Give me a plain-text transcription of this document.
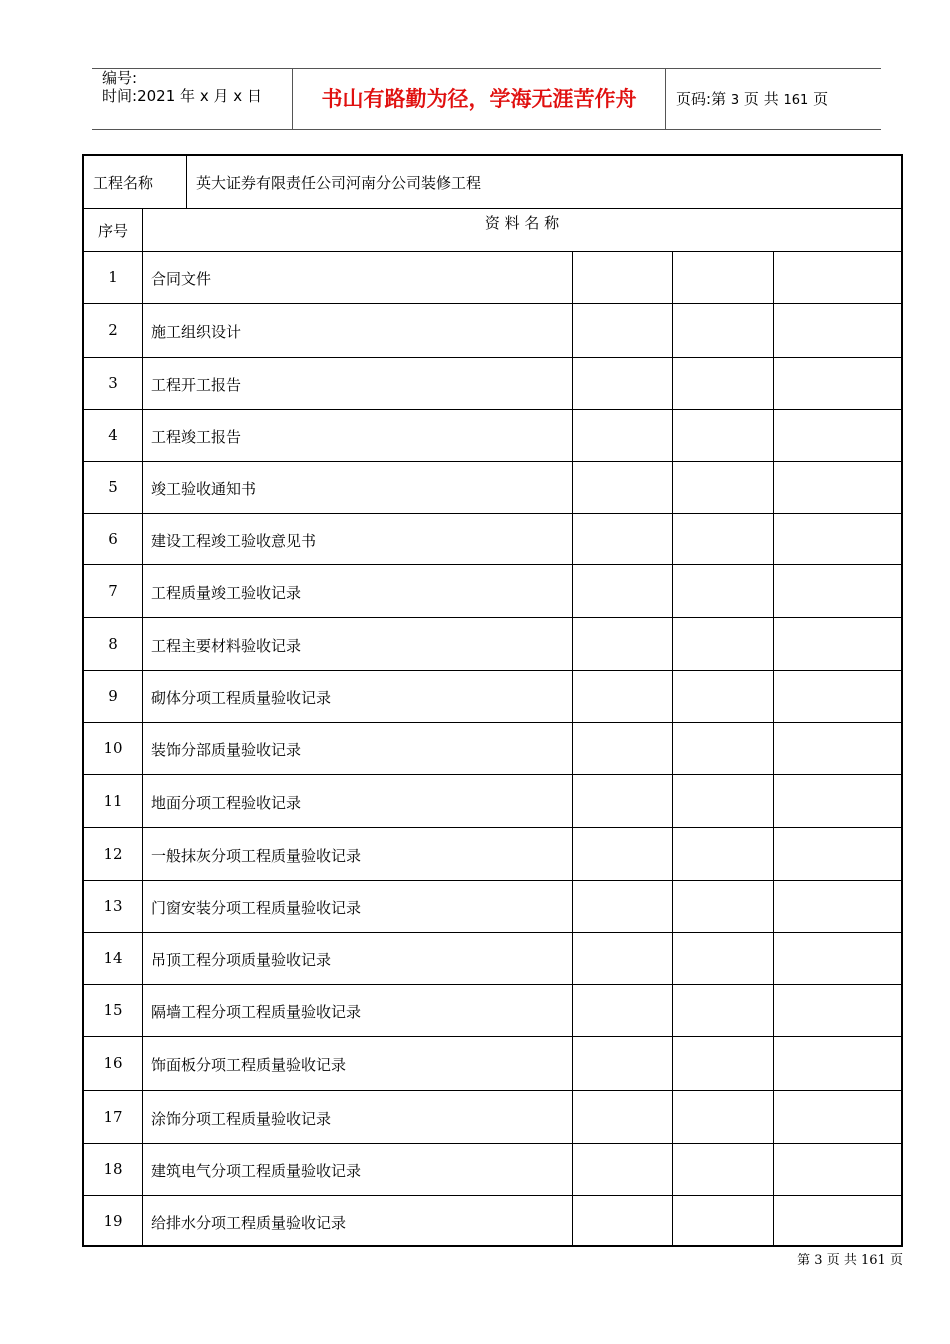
编号:
时间:2021 年 x 月 x 日	书山有路勤为径，学海无涯苦作舟	页码:第 3 页 共 161 页
工程名称	英大证券有限责任公司河南分公司装修工程
序号	资 料 名 称
1	合同文件
2	施工组织设计
3	工程开工报告
4	工程竣工报告
5	竣工验收通知书
6	建设工程竣工验收意见书
7	工程质量竣工验收记录
8	工程主要材料验收记录
9	砌体分项工程质量验收记录
10	装饰分部质量验收记录
11	地面分项工程验收记录
12	一般抹灰分项工程质量验收记录
13	门窗安装分项工程质量验收记录
14	吊顶工程分项质量验收记录
15	隔墙工程分项工程质量验收记录
16	饰面板分项工程质量验收记录
17	涂饰分项工程质量验收记录
18	建筑电气分项工程质量验收记录
19	给排水分项工程质量验收记录
第 3 页 共 161 页
